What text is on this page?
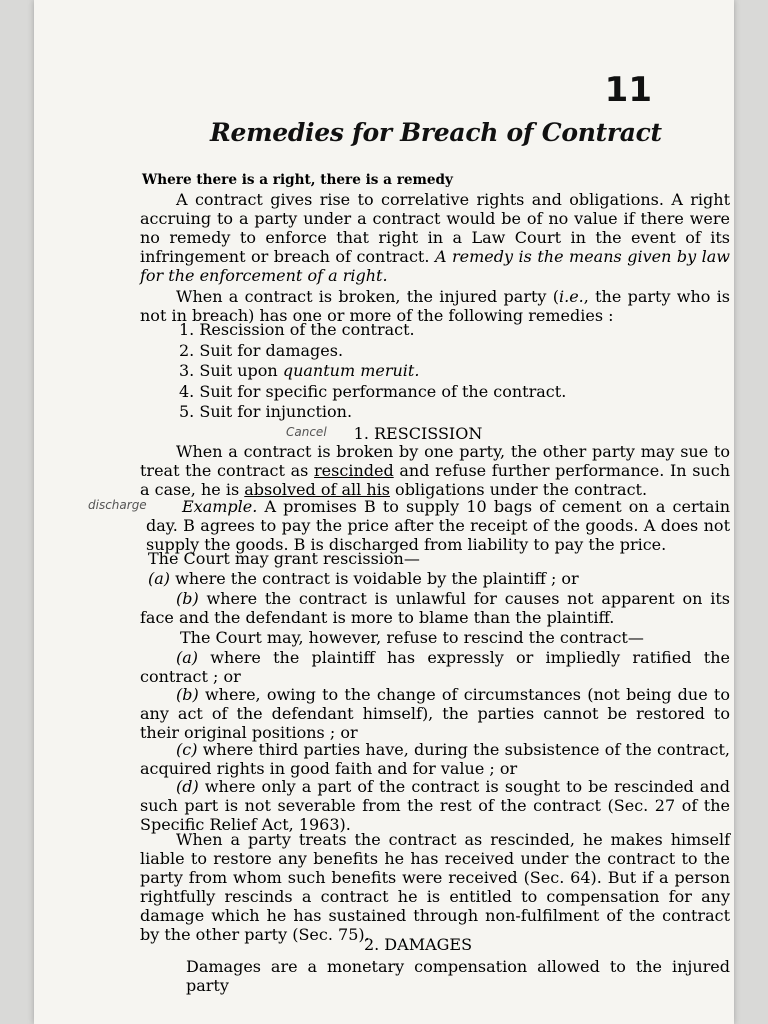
11
Remedies for Breach of Contract
Where there is a right, there is a remedy
A contract gives rise to correlative rights and obligations. A right accruing to a party under a contract would be of no value if there were no remedy to enforce that right in a Law Court in the event of its infringement or breach of contract. A remedy is the means given by law for the enforcement of a right.
When a contract is broken, the injured party (i.e., the party who is not in breach) has one or more of the following remedies :
1. Rescission of the contract.
2. Suit for damages.
3. Suit upon quantum meruit.
4. Suit for specific performance of the contract.
5. Suit for injunction.
Cancel	1. RESCISSION
When a contract is broken by one party, the other party may sue to treat the contract as rescinded and refuse further performance. In such a case, he is absolved of all his obligations under the contract.
discharge	Example. A promises B to supply 10 bags of cement on a certain day. B agrees to pay the price after the receipt of the goods. A does not supply the goods. B is discharged from liability to pay the price.
The Court may grant rescission—
(a) where the contract is voidable by the plaintiff ; or
(b) where the contract is unlawful for causes not apparent on its face and the defendant is more to blame than the plaintiff.
The Court may, however, refuse to rescind the contract—
(a) where the plaintiff has expressly or impliedly ratified the contract ; or
(b) where, owing to the change of circumstances (not being due to any act of the defendant himself), the parties cannot be restored to their original positions ; or
(c) where third parties have, during the subsistence of the contract, acquired rights in good faith and for value ; or
(d) where only a part of the contract is sought to be rescinded and such part is not severable from the rest of the contract (Sec. 27 of the Specific Relief Act, 1963).
When a party treats the contract as rescinded, he makes himself liable to restore any benefits he has received under the contract to the party from whom such benefits were received (Sec. 64). But if a person rightfully rescinds a contract he is entitled to compensation for any damage which he has sustained through non-fulfilment of the contract by the other party (Sec. 75).
2. DAMAGES
Damages are a monetary compensation allowed to the injured party
